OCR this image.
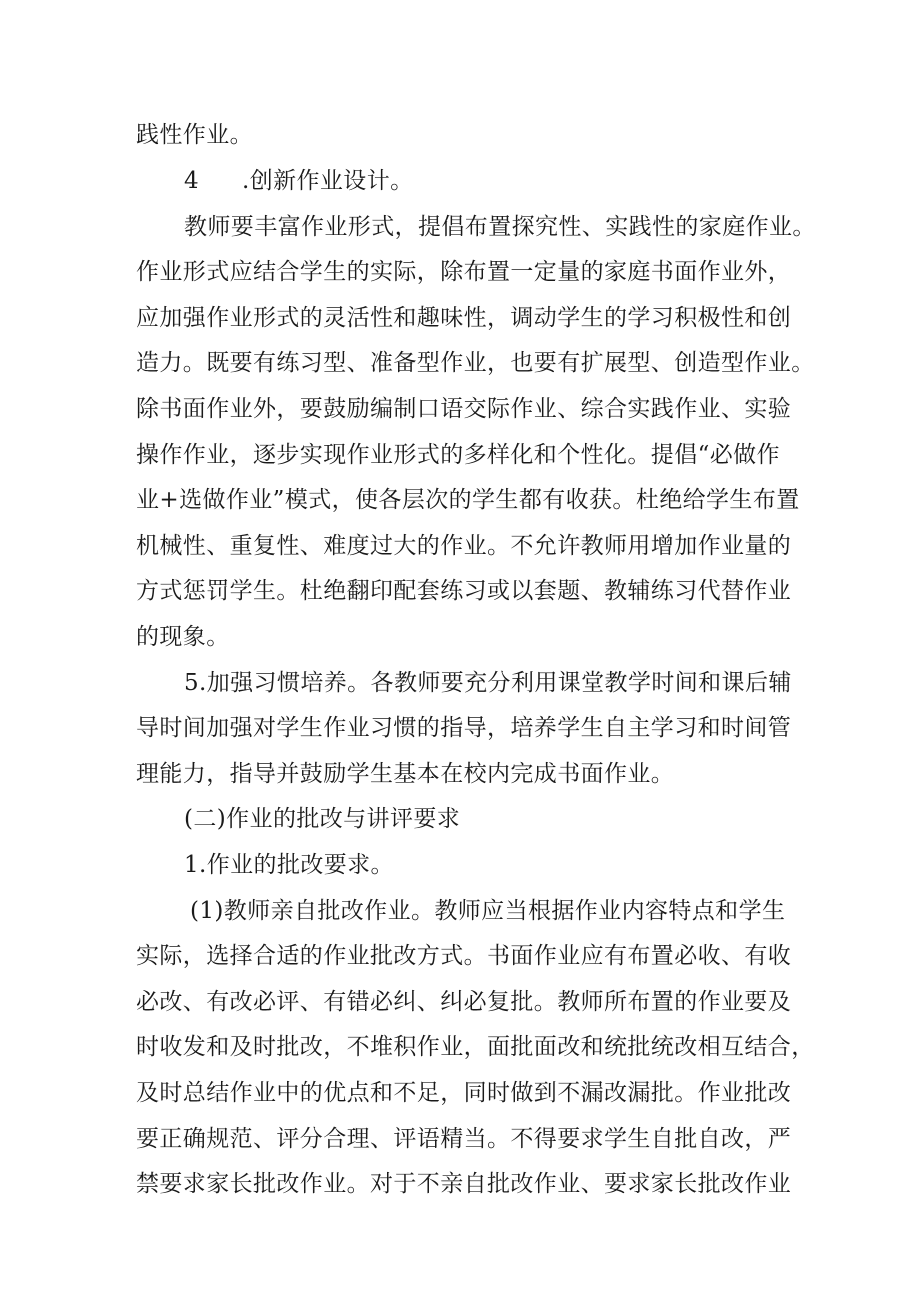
践性作业。
4 .创新作业设计。
教师要丰富作业形式，提倡布置探究性、实践性的家庭作业。
作业形式应结合学生的实际，除布置一定量的家庭书面作业外，
应加强作业形式的灵活性和趣味性，调动学生的学习积极性和创
造力。既要有练习型、准备型作业，也要有扩展型、创造型作业。
除书面作业外，要鼓励编制口语交际作业、综合实践作业、实验
操作作业，逐步实现作业形式的多样化和个性化。提倡“必做作
业+选做作业”模式，使各层次的学生都有收获。杜绝给学生布置
机械性、重复性、难度过大的作业。不允许教师用增加作业量的
方式惩罚学生。杜绝翻印配套练习或以套题、教辅练习代替作业
的现象。
5.加强习惯培养。各教师要充分利用课堂教学时间和课后辅
导时间加强对学生作业习惯的指导，培养学生自主学习和时间管
理能力，指导并鼓励学生基本在校内完成书面作业。
(二)作业的批改与讲评要求
1.作业的批改要求。
(1)教师亲自批改作业。教师应当根据作业内容特点和学生
实际，选择合适的作业批改方式。书面作业应有布置必收、有收
必改、有改必评、有错必纠、纠必复批。教师所布置的作业要及
时收发和及时批改，不堆积作业，面批面改和统批统改相互结合，
及时总结作业中的优点和不足，同时做到不漏改漏批。作业批改
要正确规范、评分合理、评语精当。不得要求学生自批自改，严
禁要求家长批改作业。对于不亲自批改作业、要求家长批改作业
